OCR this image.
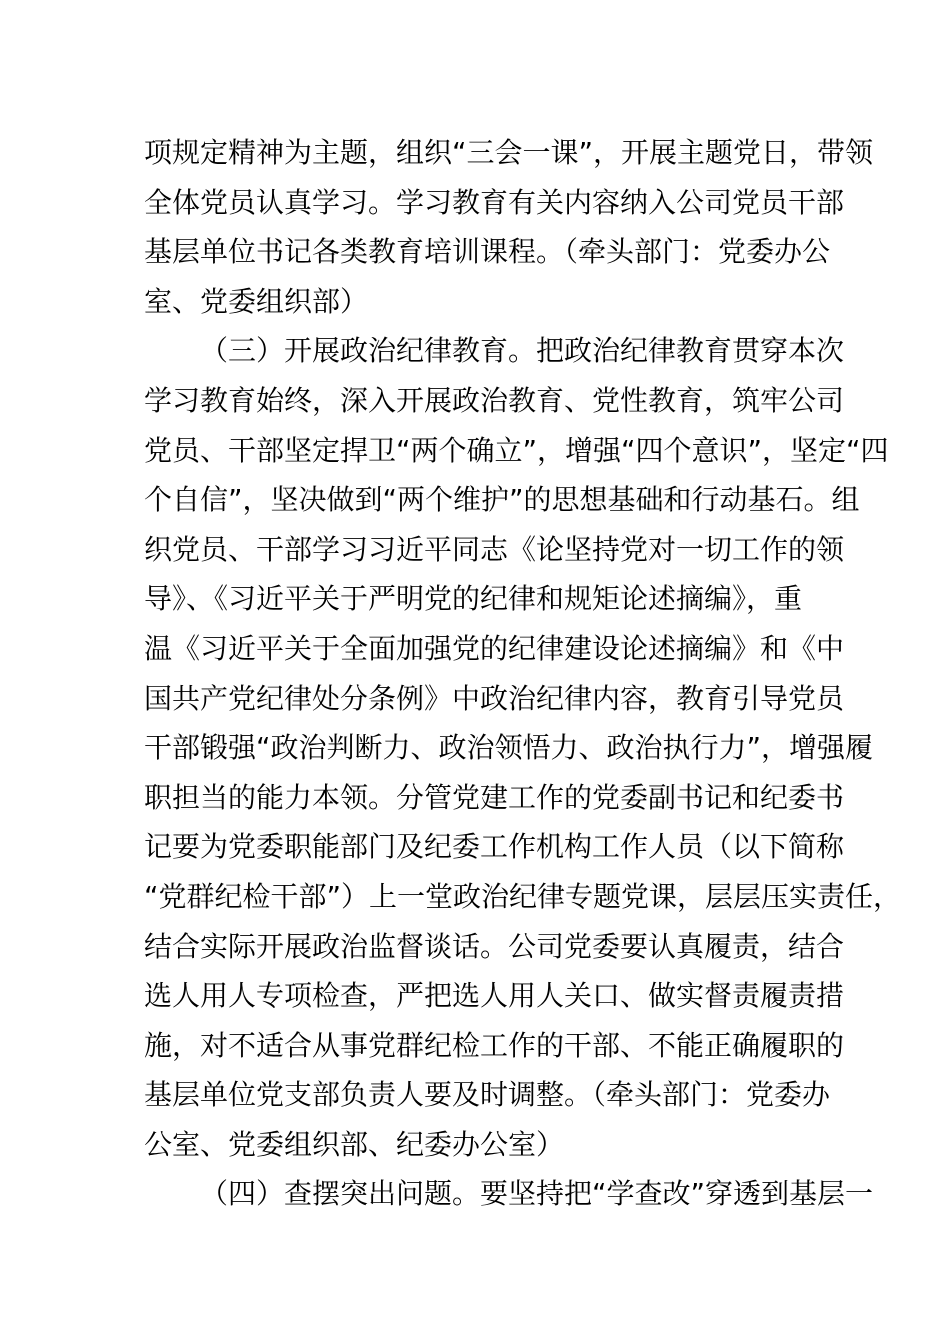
项规定精神为主题，组织“三会一课”，开展主题党日，带领
全体党员认真学习。学习教育有关内容纳入公司党员干部
基层单位书记各类教育培训课程。（牵头部门：党委办公
室、党委组织部）
（三）开展政治纪律教育。把政治纪律教育贯穿本次
学习教育始终，深入开展政治教育、党性教育，筑牢公司
党员、干部坚定捍卫“两个确立”，增强“四个意识”，坚定“四
个自信”，坚决做到“两个维护”的思想基础和行动基石。组
织党员、干部学习习近平同志《论坚持党对一切工作的领
导》、《习近平关于严明党的纪律和规矩论述摘编》，重
温《习近平关于全面加强党的纪律建设论述摘编》和《中
国共产党纪律处分条例》中政治纪律内容，教育引导党员
干部锻强“政治判断力、政治领悟力、政治执行力”，增强履
职担当的能力本领。分管党建工作的党委副书记和纪委书
记要为党委职能部门及纪委工作机构工作人员（以下简称
“党群纪检干部”）上一堂政治纪律专题党课，层层压实责任，
结合实际开展政治监督谈话。公司党委要认真履责，结合
选人用人专项检查，严把选人用人关口、做实督责履责措
施，对不适合从事党群纪检工作的干部、不能正确履职的
基层单位党支部负责人要及时调整。（牵头部门：党委办
公室、党委组织部、纪委办公室）
（四）查摆突出问题。要坚持把“学查改”穿透到基层一
